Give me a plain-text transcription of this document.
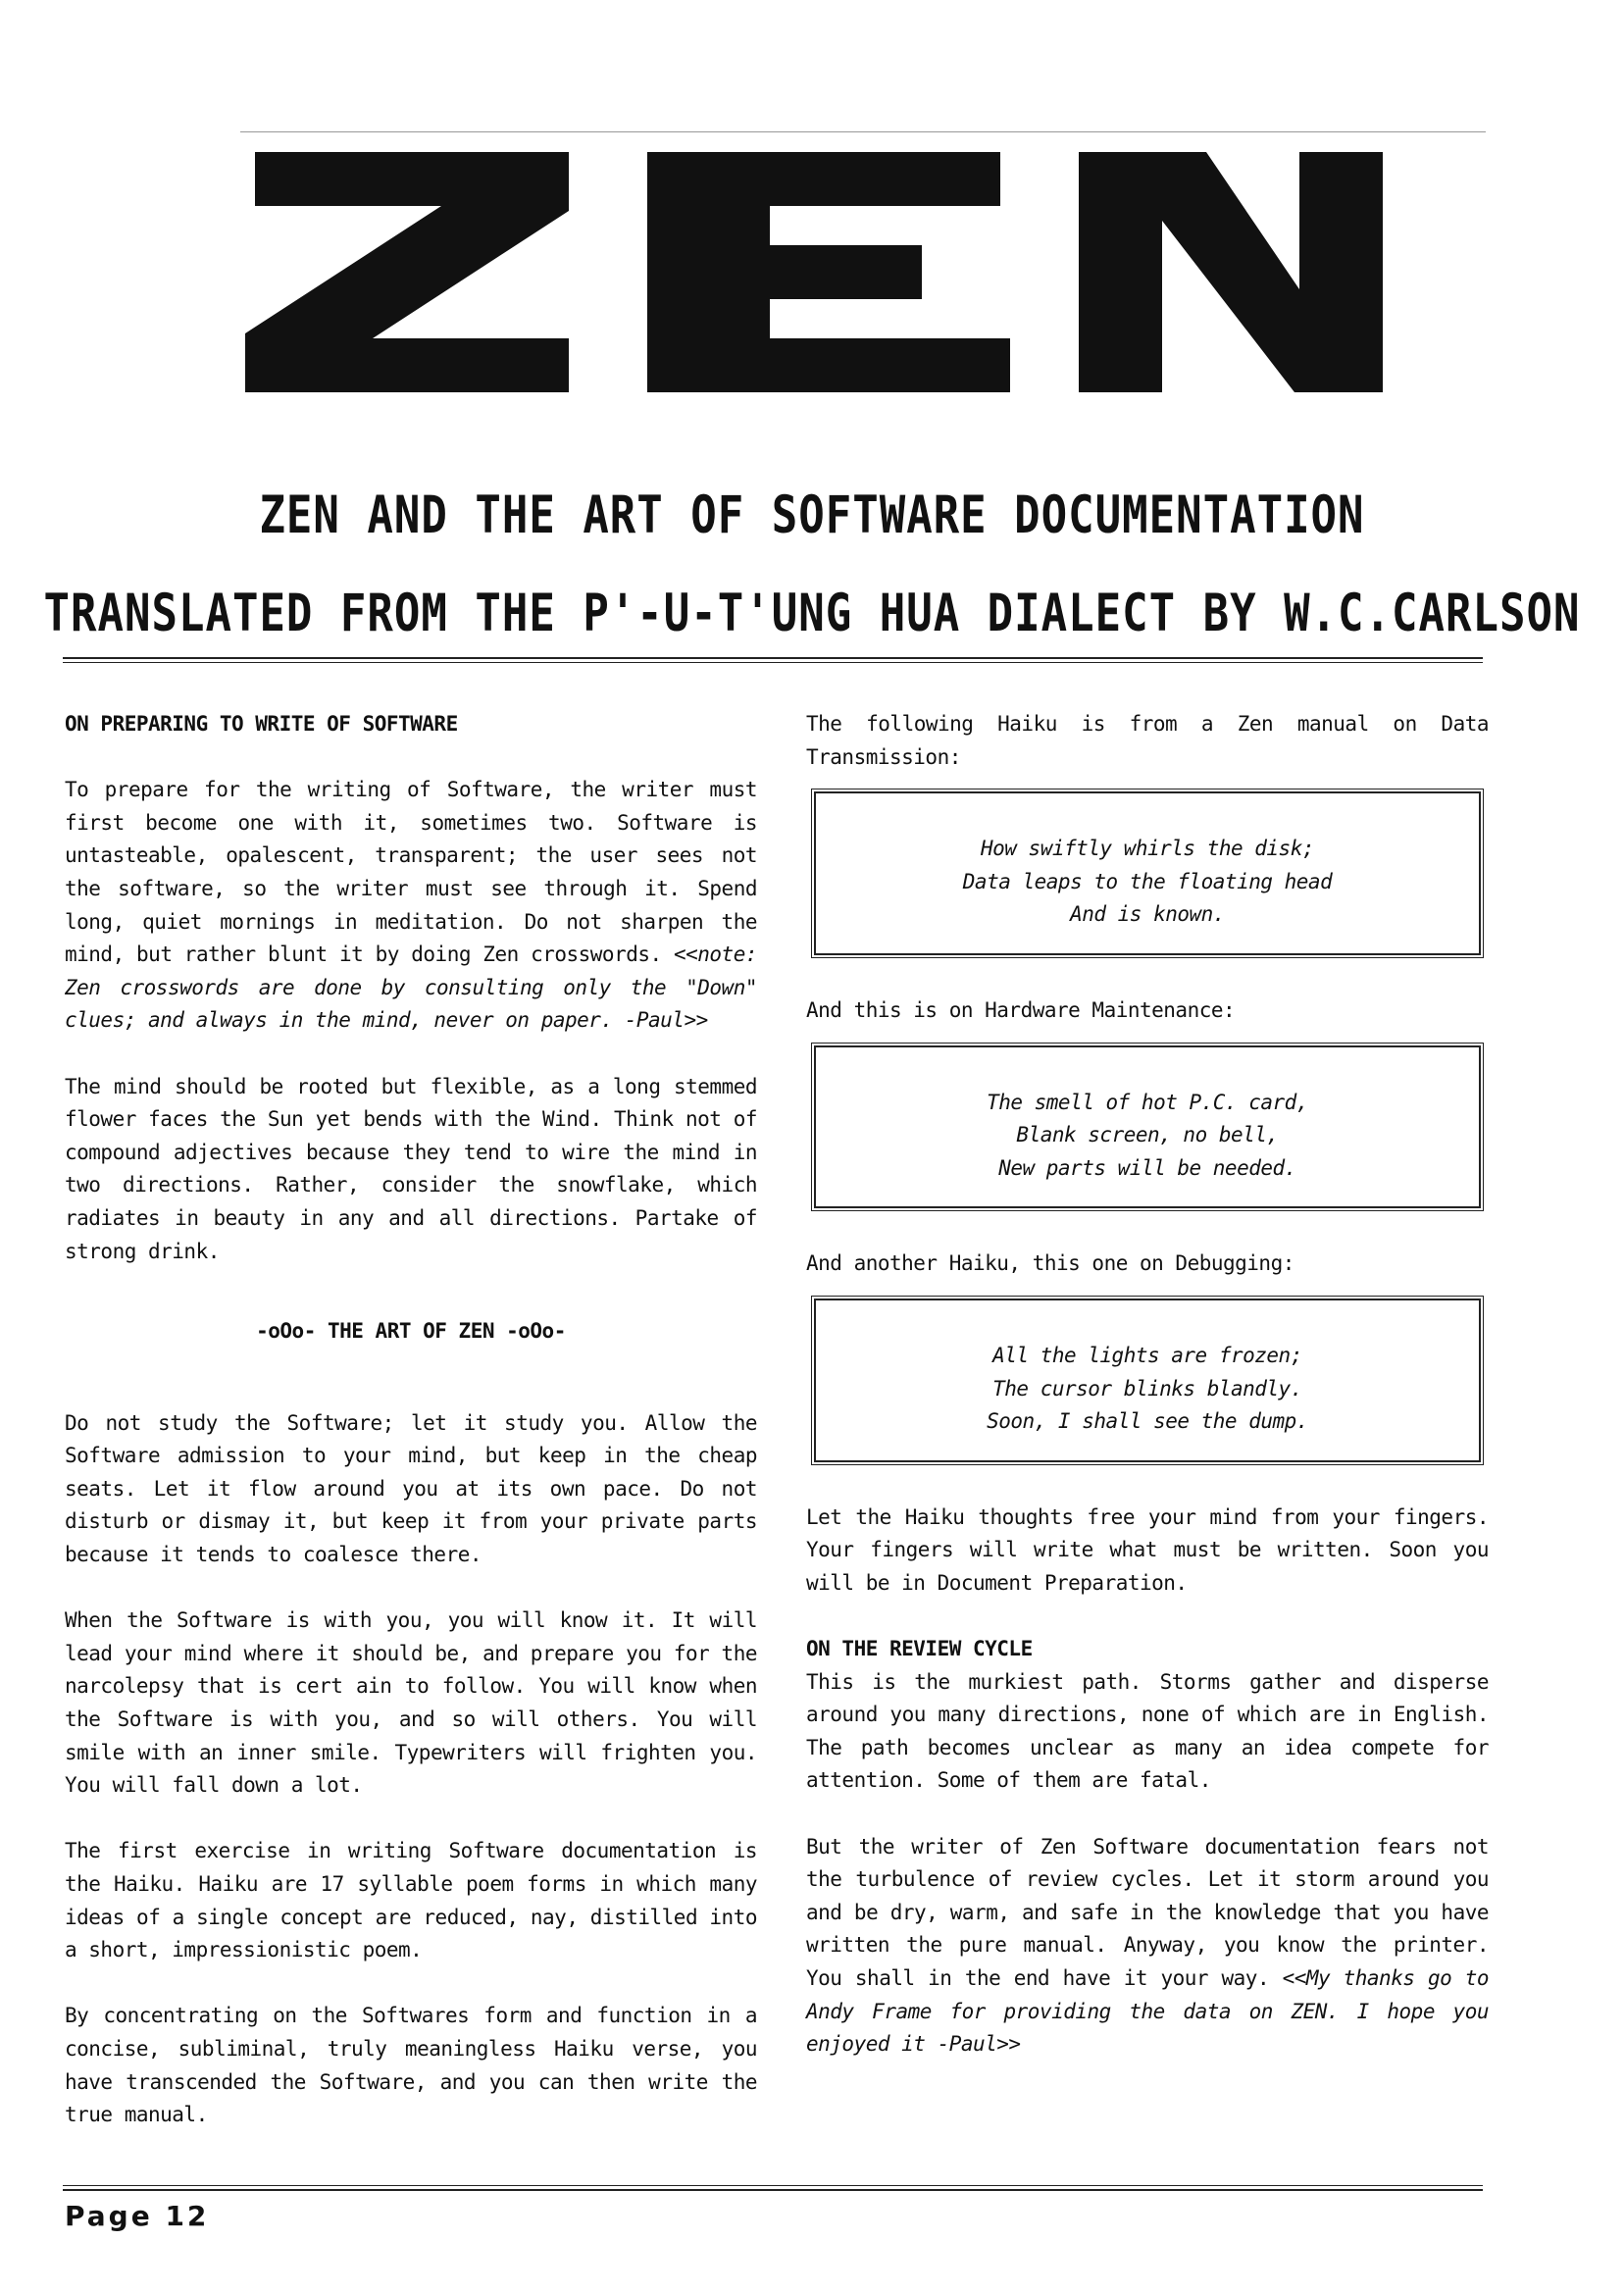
ZEN AND THE ART OF SOFTWARE DOCUMENTATION
TRANSLATED FROM THE P'-U-T'UNG HUA DIALECT BY W.C.CARLSON
ON PREPARING TO WRITE OF SOFTWARE

To prepare for the writing of Software, the writer must first become one with it, sometimes two. Software is untasteable, opalescent, transparent; the user sees not the software, so the writer must see through it. Spend long, quiet mornings in meditation. Do not sharpen the mind, but rather blunt it by doing Zen crosswords. <<note: Zen crosswords are done by consulting only the "Down" clues; and always in the mind, never on paper. -Paul>>

The mind should be rooted but flexible, as a long stemmed flower faces the Sun yet bends with the Wind. Think not of compound adjectives because they tend to wire the mind in two directions. Rather, consider the snowflake, which radiates in beauty in any and all directions. Partake of strong drink.

-oOo- THE ART OF ZEN -oOo-

Do not study the Software; let it study you. Allow the Software admission to your mind, but keep in the cheap seats. Let it flow around you at its own pace. Do not disturb or dismay it, but keep it from your private parts because it tends to coalesce there.

When the Software is with you, you will know it. It will lead your mind where it should be, and prepare you for the narcolepsy that is cert ain to follow. You will know when the Software is with you, and so will others. You will smile with an inner smile. Typewriters will frighten you. You will fall down a lot.

The first exercise in writing Software documentation is the Haiku. Haiku are 17 syllable poem forms in which many ideas of a single concept are reduced, nay, distilled into a short, impressionistic poem.

By concentrating on the Softwares form and function in a concise, subliminal, truly meaningless Haiku verse, you have transcended the Software, and you can then write the true manual.

The following Haiku is from a Zen manual on Data Transmission:

How swiftly whirls the disk;
Data leaps to the floating head
And is known.

And this is on Hardware Maintenance:

The smell of hot P.C. card,
Blank screen, no bell,
New parts will be needed.

And another Haiku, this one on Debugging:

All the lights are frozen;
The cursor blinks blandly.
Soon, I shall see the dump.

Let the Haiku thoughts free your mind from your fingers. Your fingers will write what must be written. Soon you will be in Document Preparation.

ON THE REVIEW CYCLE

This is the murkiest path. Storms gather and disperse around you many directions, none of which are in English. The path becomes unclear as many an idea compete for attention. Some of them are fatal.

But the writer of Zen Software documentation fears not the turbulence of review cycles. Let it storm around you and be dry, warm, and safe in the knowledge that you have written the pure manual. Anyway, you know the printer. You shall in the end have it your way. <<My thanks go to Andy Frame for providing the data on ZEN. I hope you enjoyed it -Paul>>

Page 12
